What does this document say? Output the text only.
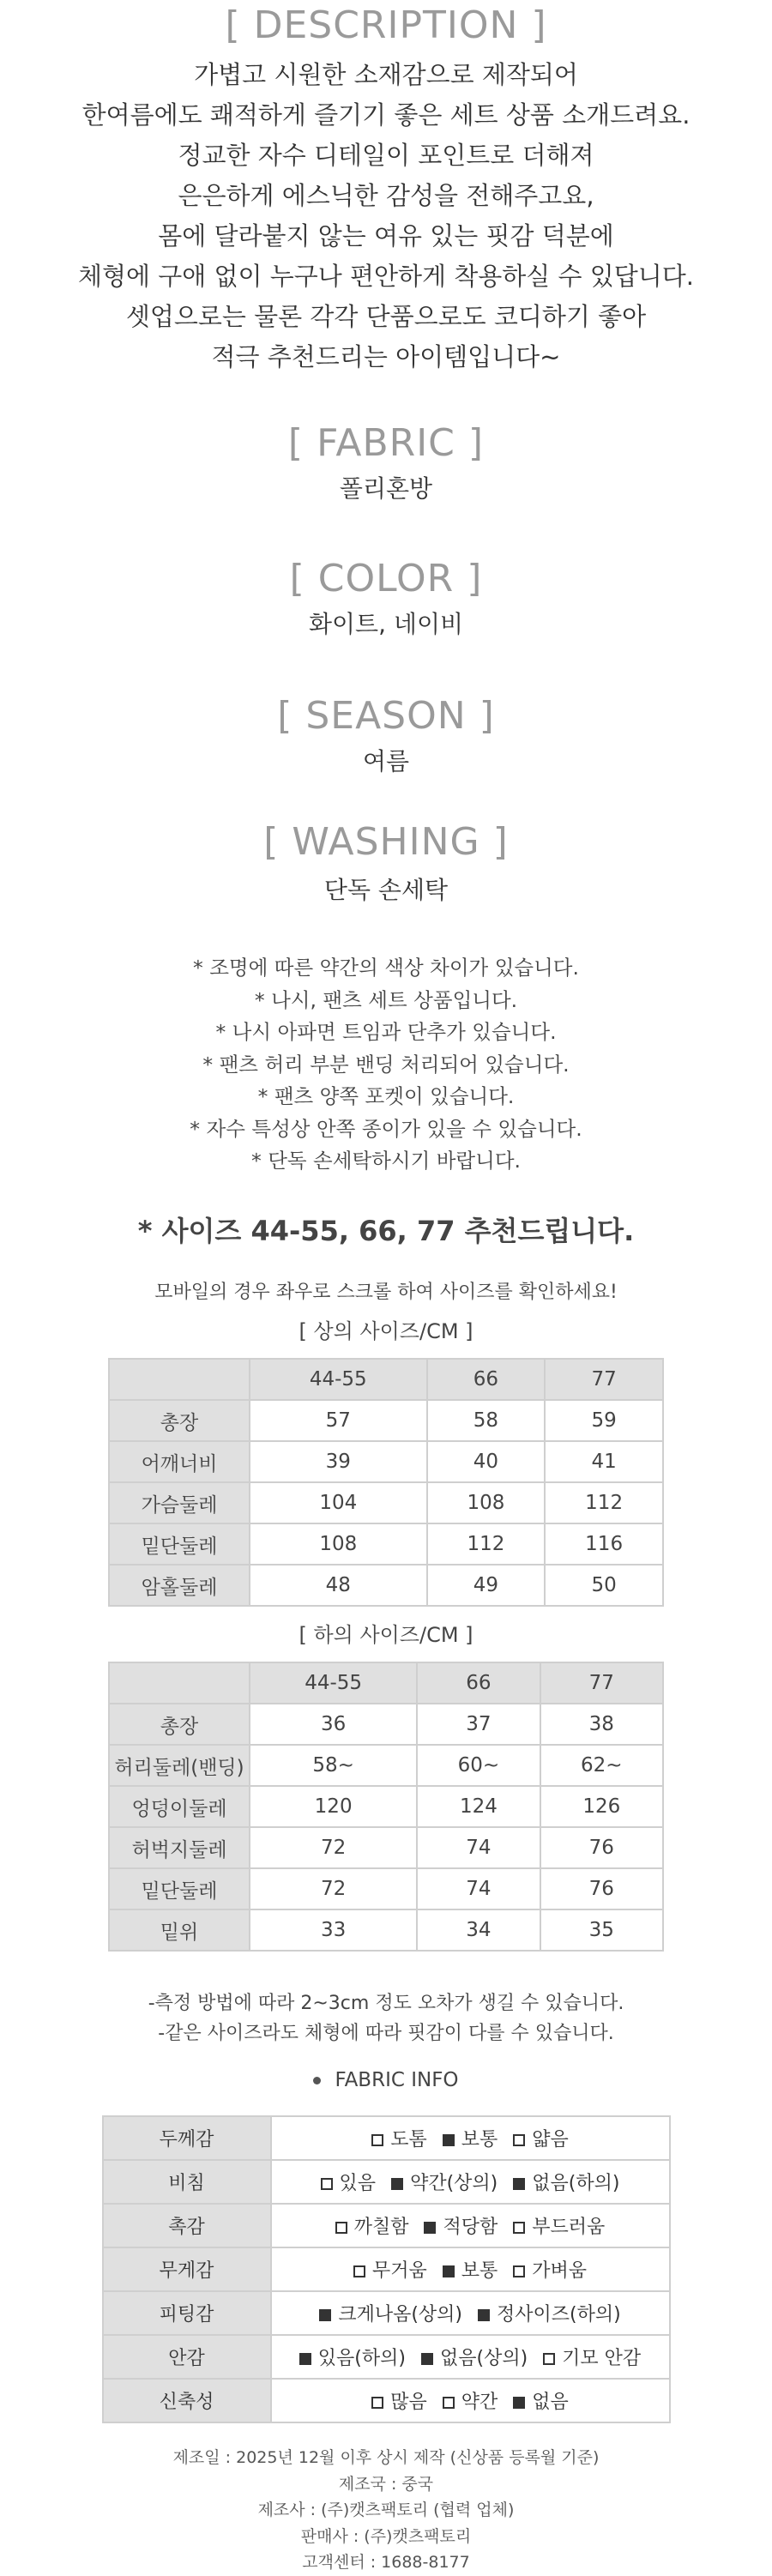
[ DESCRIPTION ]
가볍고 시원한 소재감으로 제작되어
한여름에도 쾌적하게 즐기기 좋은 세트 상품 소개드려요.
정교한 자수 디테일이 포인트로 더해져
은은하게 에스닉한 감성을 전해주고요,
몸에 달라붙지 않는 여유 있는 핏감 덕분에
체형에 구애 없이 누구나 편안하게 착용하실 수 있답니다.
셋업으로는 물론 각각 단품으로도 코디하기 좋아
적극 추천드리는 아이템입니다~
[ FABRIC ]
폴리혼방
[ COLOR ]
화이트, 네이비
[ SEASON ]
여름
[ WASHING ]
단독 손세탁
* 조명에 따른 약간의 색상 차이가 있습니다.
* 나시, 팬츠 세트 상품입니다.
* 나시 아파면 트임과 단추가 있습니다.
* 팬츠 허리 부분 밴딩 처리되어 있습니다.
* 팬츠 양쪽 포켓이 있습니다.
* 자수 특성상 안쪽 종이가 있을 수 있습니다.
* 단독 손세탁하시기 바랍니다.
* 사이즈 44-55, 66, 77 추천드립니다.
모바일의 경우 좌우로 스크롤 하여 사이즈를 확인하세요!
[ 상의 사이즈/CM ]
	44-55	66	77
총장	57	58	59
어깨너비	39	40	41
가슴둘레	104	108	112
밑단둘레	108	112	116
암홀둘레	48	49	50
[ 하의 사이즈/CM ]
	44-55	66	77
총장	36	37	38
허리둘레(밴딩)	58~	60~	62~
엉덩이둘레	120	124	126
허벅지둘레	72	74	76
밑단둘레	72	74	76
밑위	33	34	35
-측정 방법에 따라 2~3cm 정도 오차가 생길 수 있습니다.
-같은 사이즈라도 체형에 따라 핏감이 다를 수 있습니다.
FABRIC INFO
두께감	도톰 보통 얇음
비침	있음 약간(상의) 없음(하의)
촉감	까칠함 적당함 부드러움
무게감	무거움 보통 가벼움
피팅감	크게나옴(상의) 정사이즈(하의)
안감	있음(하의) 없음(상의) 기모 안감
신축성	많음 약간 없음
제조일 : 2025년 12월 이후 상시 제작 (신상품 등록월 기준)
제조국 : 중국
제조사 : (주)캣츠팩토리 (협력 업체)
판매사 : (주)캣츠팩토리
고객센터 : 1688-8177
